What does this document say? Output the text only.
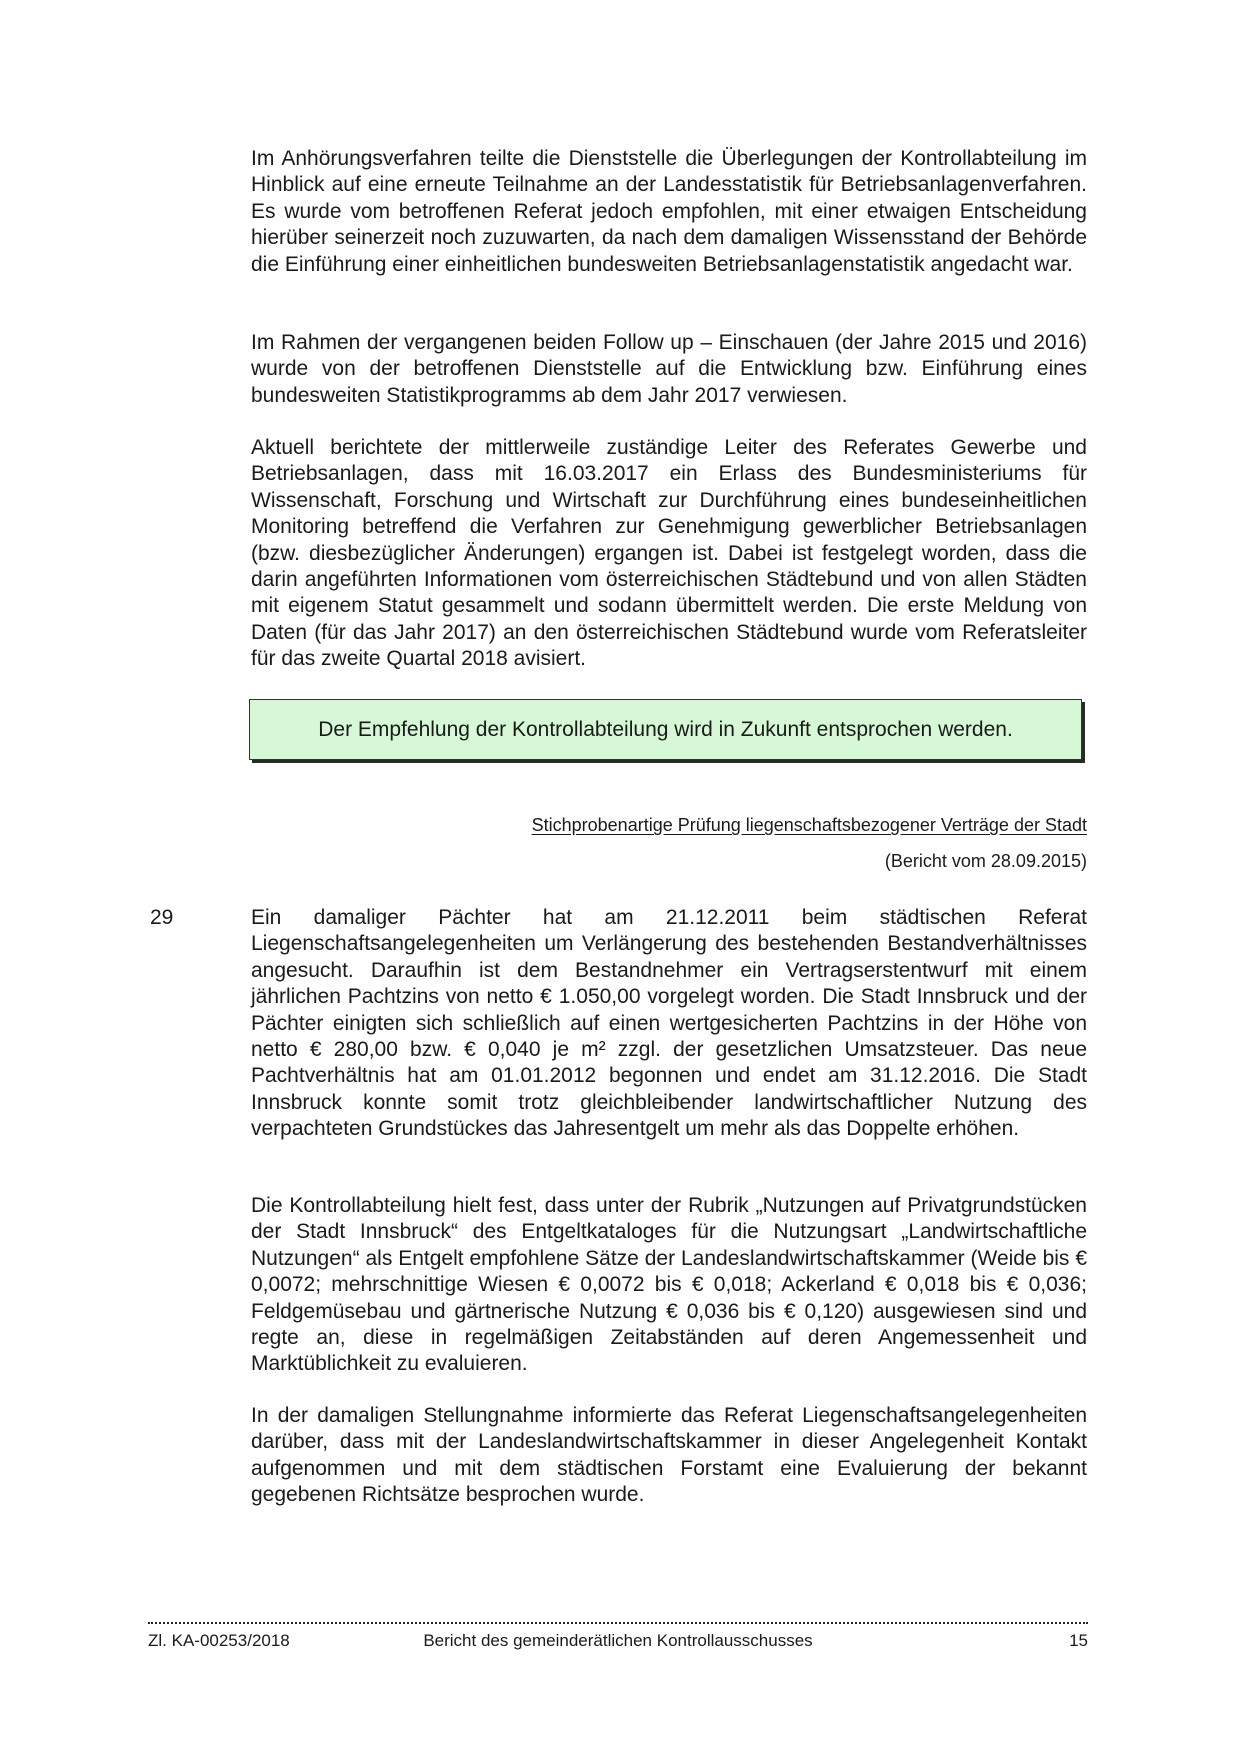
Im Anhörungsverfahren teilte die Dienststelle die Überlegungen der Kontrollabteilung im Hinblick auf eine erneute Teilnahme an der Landesstatistik für Betriebsanlagenverfahren. Es wurde vom betroffenen Referat jedoch empfohlen, mit einer etwaigen Entscheidung hierüber seinerzeit noch zuzuwarten, da nach dem damaligen Wissensstand der Behörde die Einführung einer einheitlichen bundesweiten Betriebsanlagenstatistik angedacht war.

Im Rahmen der vergangenen beiden Follow up – Einschauen (der Jahre 2015 und 2016) wurde von der betroffenen Dienststelle auf die Entwicklung bzw. Einführung eines bundesweiten Statistikprogramms ab dem Jahr 2017 verwiesen.

Aktuell berichtete der mittlerweile zuständige Leiter des Referates Gewerbe und Betriebsanlagen, dass mit 16.03.2017 ein Erlass des Bundesministeriums für Wissenschaft, Forschung und Wirtschaft zur Durchführung eines bundeseinheitlichen Monitoring betreffend die Verfahren zur Genehmigung gewerblicher Betriebsanlagen (bzw. diesbezüglicher Änderungen) ergangen ist. Dabei ist festgelegt worden, dass die darin angeführten Informationen vom österreichischen Städtebund und von allen Städten mit eigenem Statut gesammelt und sodann übermittelt werden. Die erste Meldung von Daten (für das Jahr 2017) an den österreichischen Städtebund wurde vom Referatsleiter für das zweite Quartal 2018 avisiert.

Der Empfehlung der Kontrollabteilung wird in Zukunft entsprochen werden.
Stichprobenartige Prüfung liegenschaftsbezogener Verträge der Stadt
(Bericht vom 28.09.2015)
29	Ein damaliger Pächter hat am 21.12.2011 beim städtischen Referat Liegenschaftsangelegenheiten um Verlängerung des bestehenden Bestandverhältnisses angesucht. Daraufhin ist dem Bestandnehmer ein Vertragserstentwurf mit einem jährlichen Pachtzins von netto € 1.050,00 vorgelegt worden. Die Stadt Innsbruck und der Pächter einigten sich schließlich auf einen wertgesicherten Pachtzins in der Höhe von netto € 280,00 bzw. € 0,040 je m² zzgl. der gesetzlichen Umsatzsteuer. Das neue Pachtverhältnis hat am 01.01.2012 begonnen und endet am 31.12.2016. Die Stadt Innsbruck konnte somit trotz gleichbleibender landwirtschaftlicher Nutzung des verpachteten Grundstückes das Jahresentgelt um mehr als das Doppelte erhöhen.

Die Kontrollabteilung hielt fest, dass unter der Rubrik „Nutzungen auf Privatgrundstücken der Stadt Innsbruck“ des Entgeltkataloges für die Nutzungsart „Landwirtschaftliche Nutzungen“ als Entgelt empfohlene Sätze der Landeslandwirtschaftskammer (Weide bis € 0,0072; mehrschnittige Wiesen € 0,0072 bis € 0,018; Ackerland € 0,018 bis € 0,036; Feldgemüsebau und gärtnerische Nutzung € 0,036 bis € 0,120) ausgewiesen sind und regte an, diese in regelmäßigen Zeitabständen auf deren Angemessenheit und Marktüblichkeit zu evaluieren.

In der damaligen Stellungnahme informierte das Referat Liegenschaftsangelegenheiten darüber, dass mit der Landeslandwirtschaftskammer in dieser Angelegenheit Kontakt aufgenommen und mit dem städtischen Forstamt eine Evaluierung der bekannt gegebenen Richtsätze besprochen wurde.

Zl. KA-00253/2018	Bericht des gemeinderätlichen Kontrollausschusses	15
